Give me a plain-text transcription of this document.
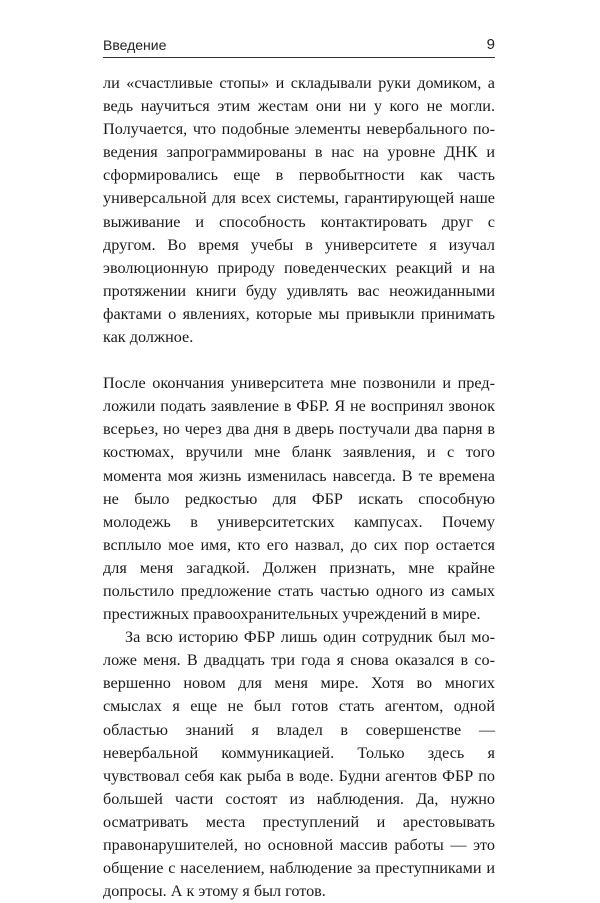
Введение	9

ли «счастливые стопы» и складывали руки домиком, а ведь научиться этим жестам они ни у кого не могли. Получается, что подобные элементы невербального поведения запрограммированы в нас на уровне ДНК и сформировались еще в первобытности как часть универсальной для всех системы, гарантирующей наше выживание и способность контактировать друг с другом. Во время учебы в университете я изучал эволюционную природу поведенческих реакций и на протяжении книги буду удивлять вас неожиданными фактами о явлениях, которые мы привыкли принимать как должное.

После окончания университета мне позвонили и предложили подать заявление в ФБР. Я не воспринял звонок всерьез, но через два дня в дверь постучали два парня в костюмах, вручили мне бланк заявления, и с того момента моя жизнь изменилась навсегда. В те времена не было редкостью для ФБР искать способную молодежь в университетских кампусах. Почему всплыло мое имя, кто его назвал, до сих пор остается для меня загадкой. Должен признать, мне крайне польстило предложение стать частью одного из самых престижных правоохранительных учреждений в мире.

За всю историю ФБР лишь один сотрудник был моложе меня. В двадцать три года я снова оказался в совершенно новом для меня мире. Хотя во многих смыслах я еще не был готов стать агентом, одной областью знаний я владел в совершенстве — невербальной коммуникацией. Только здесь я чувствовал себя как рыба в воде. Будни агентов ФБР по большей части состоят из наблюдения. Да, нужно осматривать места преступлений и арестовывать правонарушителей, но основной массив работы — это общение с населением, наблюдение за преступниками и допросы. А к этому я был готов.
